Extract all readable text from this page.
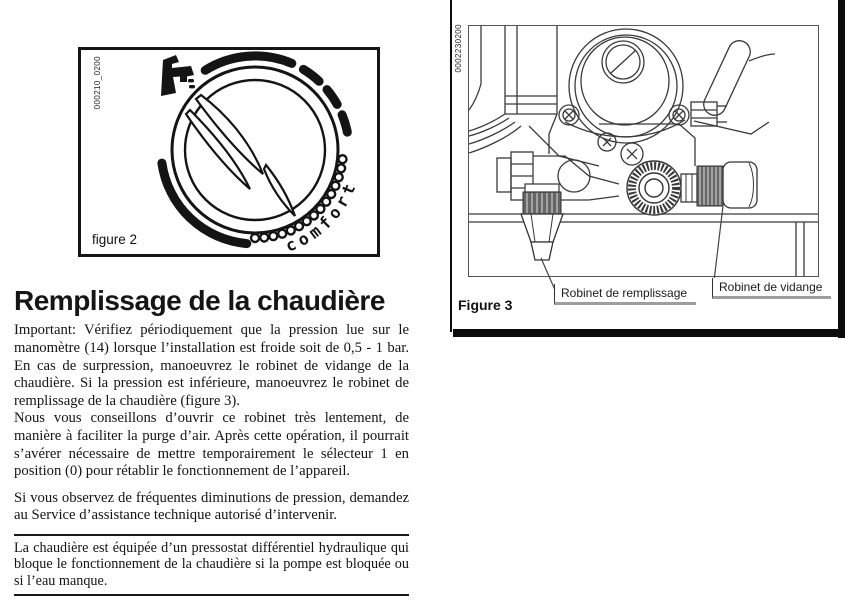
comfort
000210_0200
figure 2
Remplissage de la chaudière

Important: Vérifiez périodiquement que la pression lue sur le manomètre (14) lorsque l’installation est froide soit de 0,5 - 1 bar. En cas de surpression, manoeuvrez le robinet de vidange de la chaudière. Si la pression est inférieure, manoeuvrez le robinet de remplissage de la chaudière (figure 3).

Nous vous conseillons d’ouvrir ce robinet très lentement, de manière à faciliter la purge d’air. Après cette opération, il pourrait s’avérer nécessaire de mettre temporairement le sélecteur 1 en position (0) pour rétablir le fonctionnement de l’appareil.

Si vous observez de fréquentes diminutions de pression, demandez au Service d’assistance technique autorisé d’intervenir.

La chaudière est équipée d’un pressostat différentiel hydraulique qui bloque le fonctionnement de la chaudière si la pompe est bloquée ou si l’eau manque.

0002230200
Robinet de remplissage	Robinet de vidange
Figure 3
